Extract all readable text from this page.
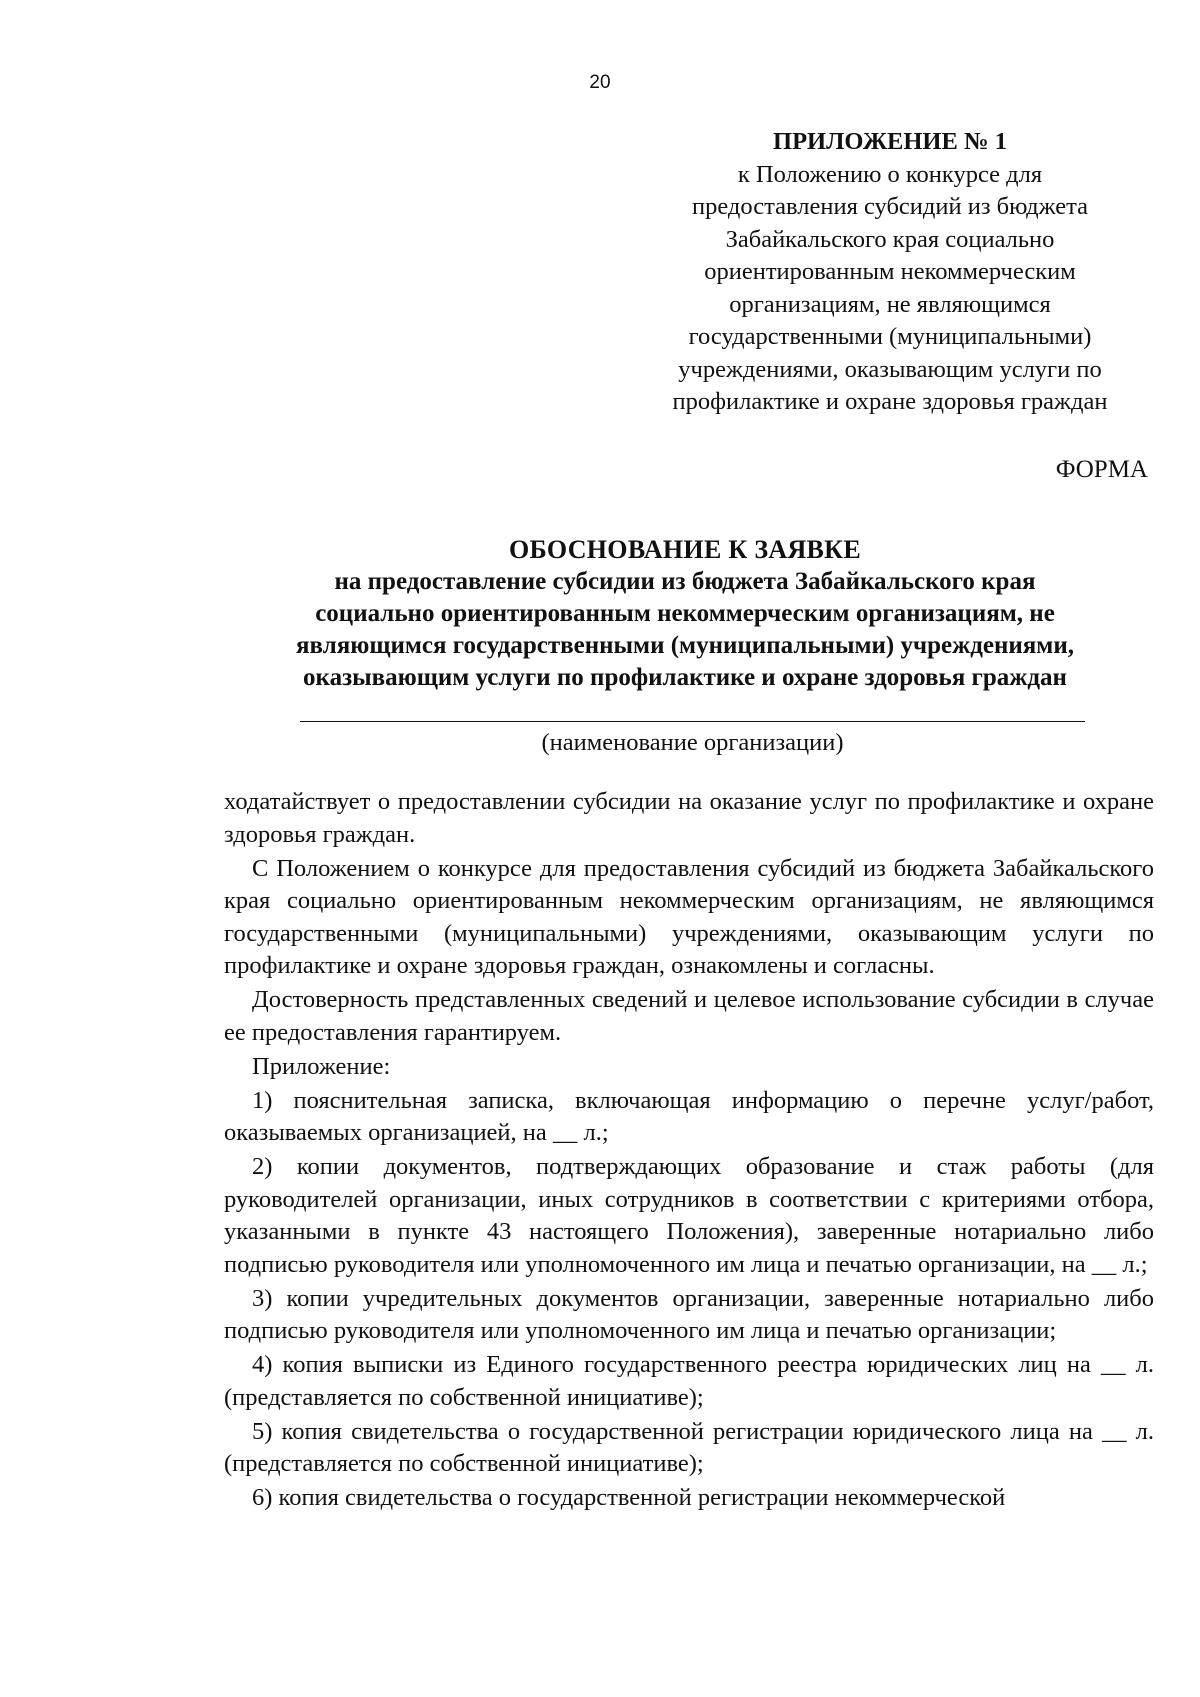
20
ПРИЛОЖЕНИЕ № 1
к Положению о конкурсе для
предоставления субсидий из бюджета
Забайкальского края социально
ориентированным некоммерческим
организациям, не являющимся
государственными (муниципальными)
учреждениями, оказывающим услуги по
профилактике и охране здоровья граждан
ФОРМА
ОБОСНОВАНИЕ К ЗАЯВКЕ
на предоставление субсидии из бюджета Забайкальского края
социально ориентированным некоммерческим организациям, не
являющимся государственными (муниципальными) учреждениями,
оказывающим услуги по профилактике и охране здоровья граждан
(наименование организации)

ходатайствует о предоставлении субсидии на оказание услуг по профилактике и охране здоровья граждан.

С Положением о конкурсе для предоставления субсидий из бюджета Забайкальского края социально ориентированным некоммерческим организациям, не являющимся государственными (муниципальными) учреждениями, оказывающим услуги по профилактике и охране здоровья граждан, ознакомлены и согласны.

Достоверность представленных сведений и целевое использование субсидии в случае ее предоставления гарантируем.

Приложение:

1) пояснительная записка, включающая информацию о перечне услуг/работ, оказываемых организацией, на __ л.;

2) копии документов, подтверждающих образование и стаж работы (для руководителей организации, иных сотрудников в соответствии с критериями отбора, указанными в пункте 43 настоящего Положения), заверенные нотариально либо подписью руководителя или уполномоченного им лица и печатью организации, на __ л.;

3) копии учредительных документов организации, заверенные нотариально либо подписью руководителя или уполномоченного им лица и печатью организации;

4) копия выписки из Единого государственного реестра юридических лиц на __ л. (представляется по собственной инициативе);

5) копия свидетельства о государственной регистрации юридического лица на __ л. (представляется по собственной инициативе);

6) копия свидетельства о государственной регистрации некоммерческой
